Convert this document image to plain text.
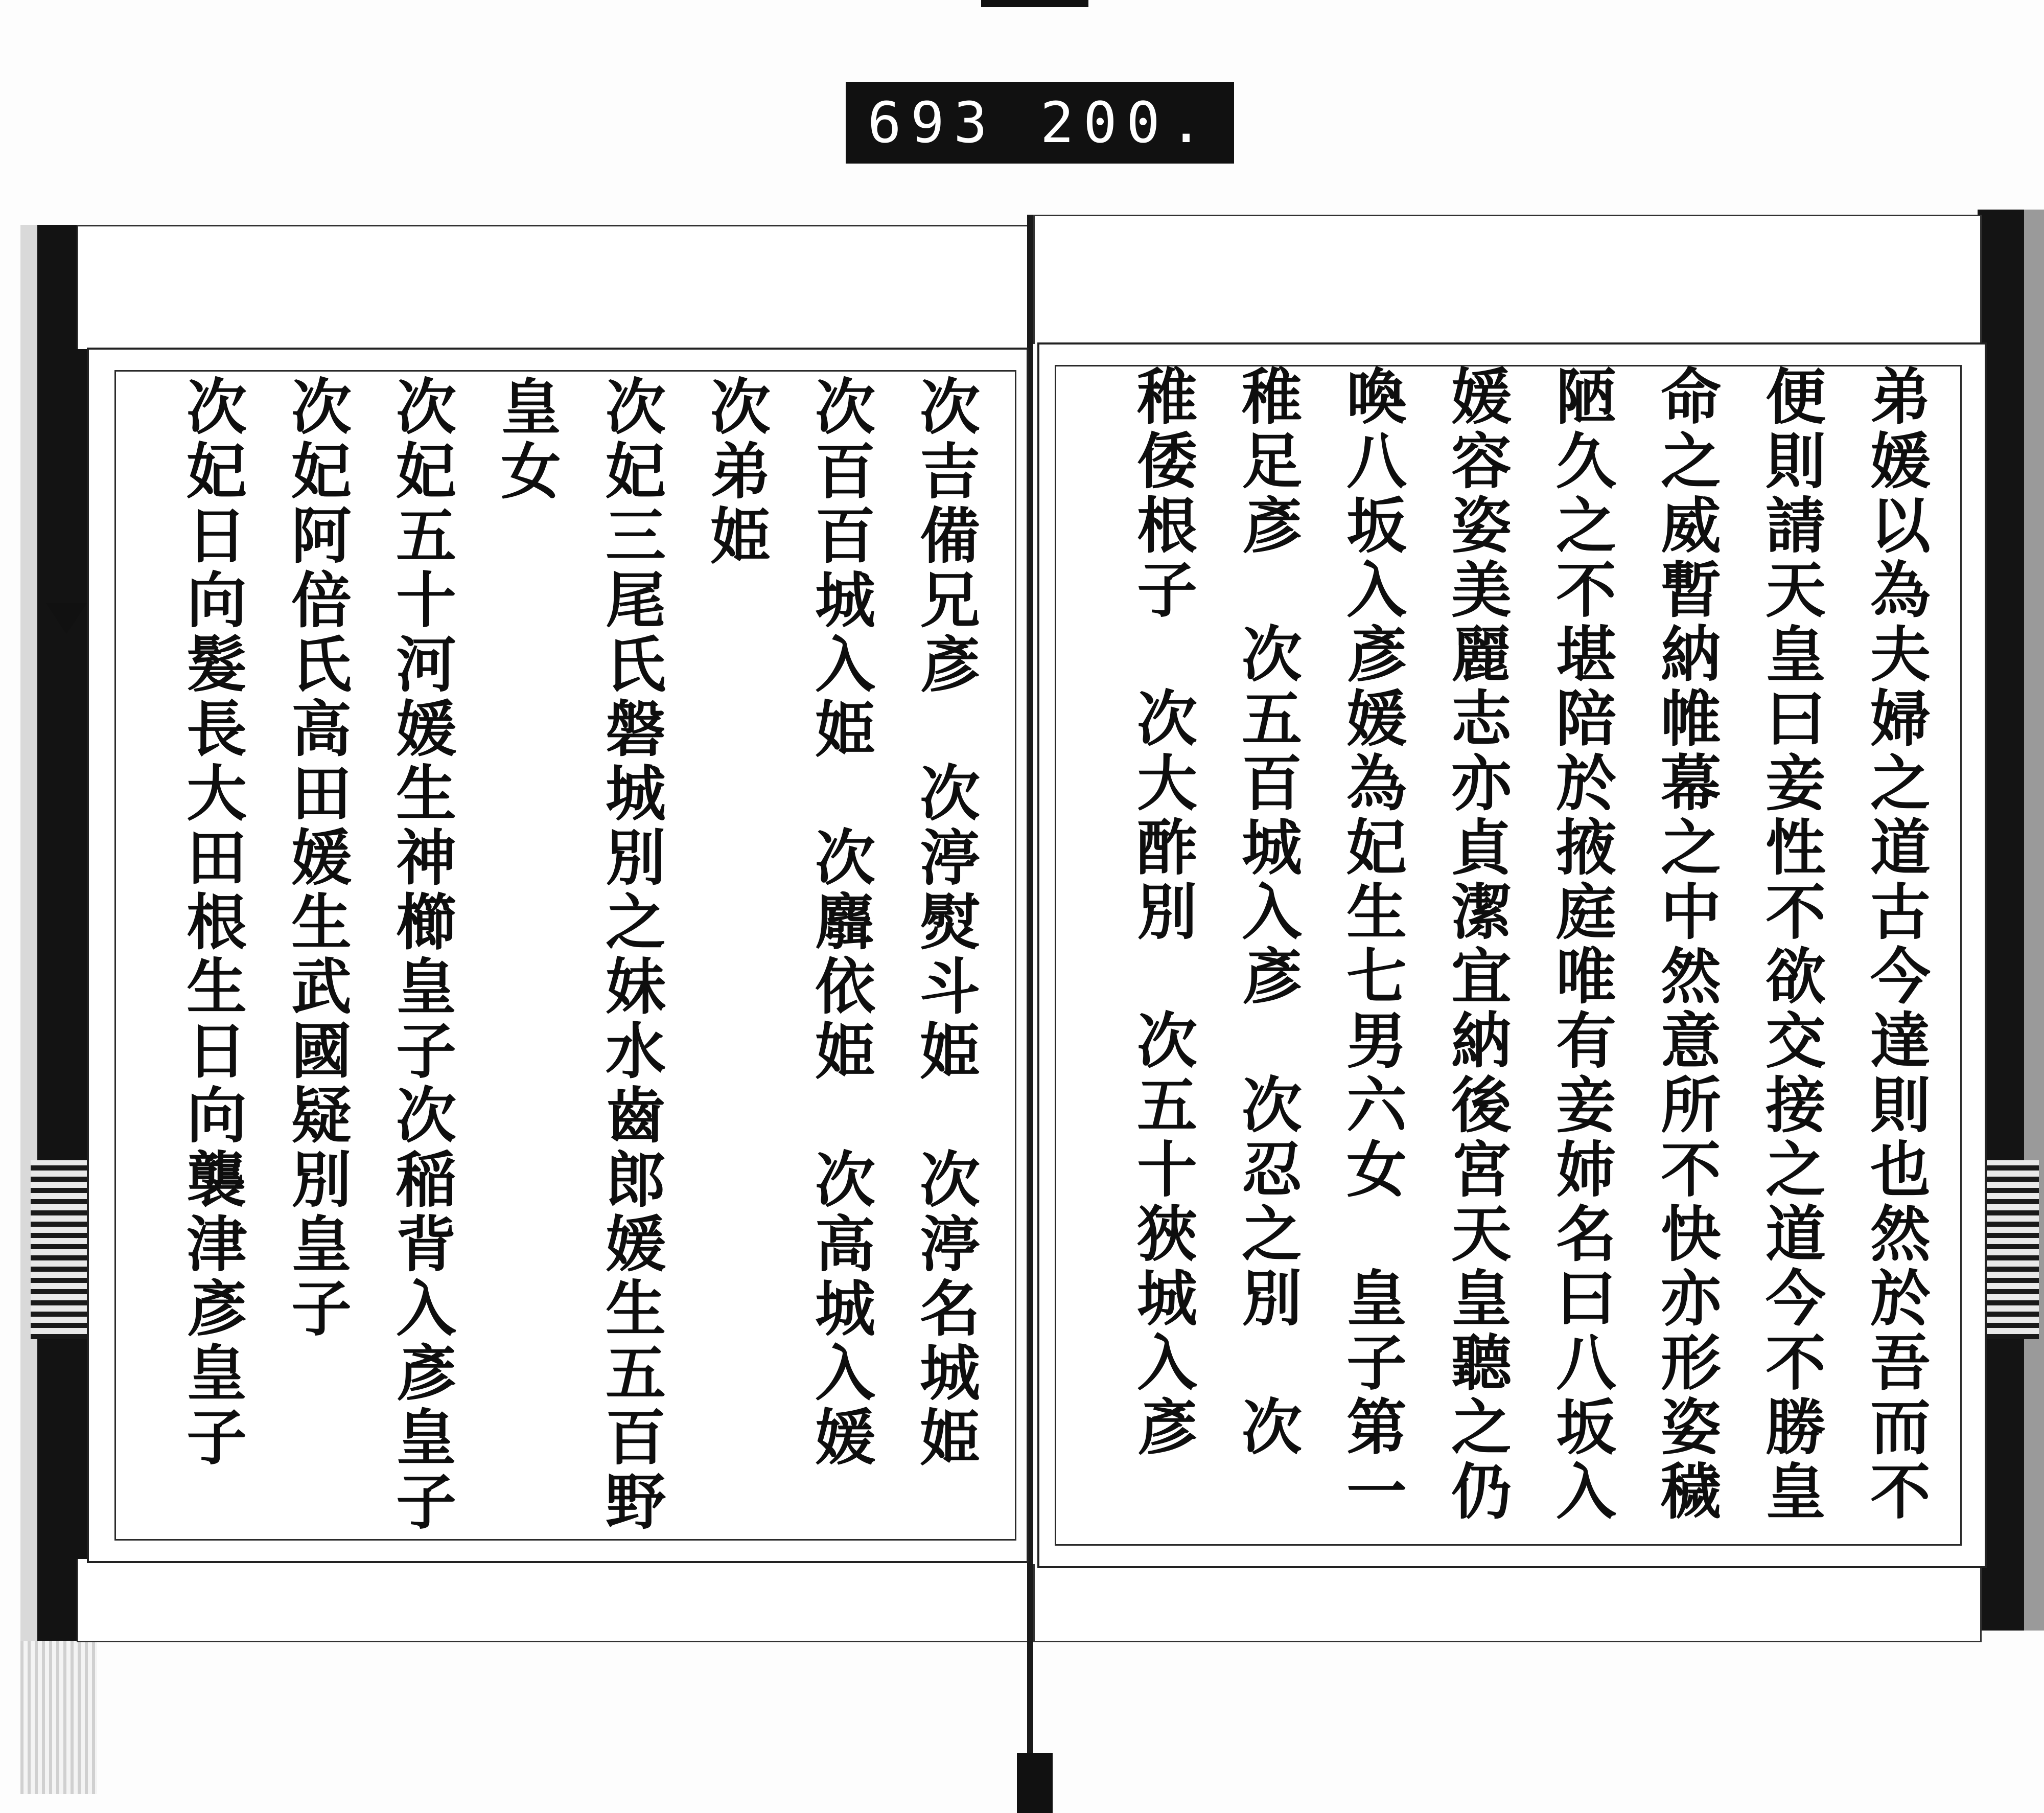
693 200.
弟媛以為夫婦之道古今達則也然於吾而不
便則請天皇曰妾性不欲交接之道今不勝皇
命之威暫納帷幕之中然意所不快亦形姿穢
陋久之不堪陪於掖庭唯有妾姉名曰八坂入
媛容姿美麗志亦貞潔宜納後宮天皇聽之仍
喚八坂入彥媛為妃生七男六女　皇子第一
稚足彥　次五百城入彥　次忍之別　次
稚倭根子　次大酢別　次五十狹城入彥
次吉備兄彥　次渟熨斗姫　次渟名城姫
次百百城入姫　次麛依姫　次高城入媛
次弟姫
次妃三尾氏磐城別之妹水齒郎媛生五百野
皇女
次妃五十河媛生神櫛皇子次稲背入彥皇子
次妃阿倍氏高田媛生武國疑別皇子
次妃日向髮長大田根生日向襲津彥皇子
